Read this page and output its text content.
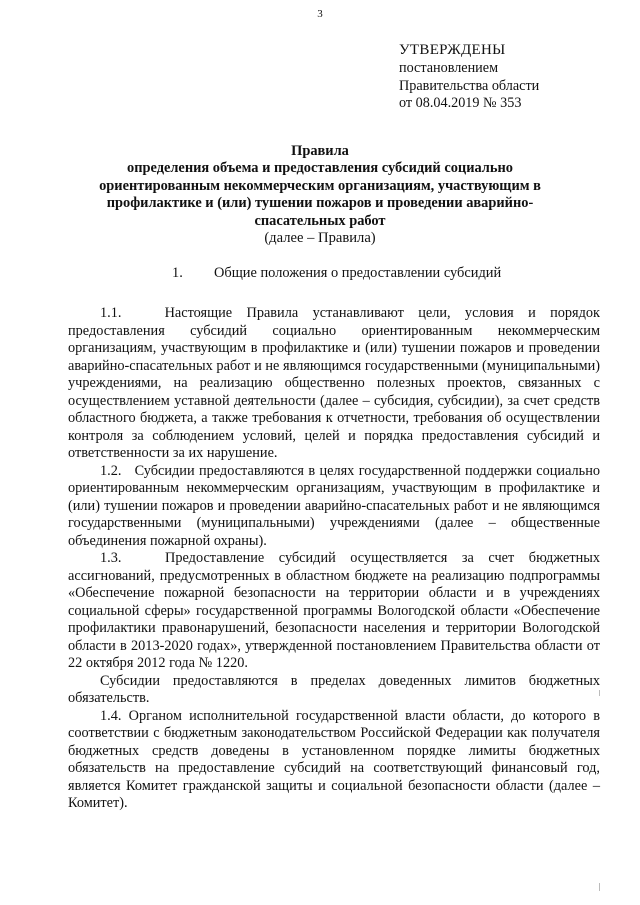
3
УТВЕРЖДЕНЫ
постановлением
Правительства области
от 08.04.2019 № 353
Правила
определения объема и предоставления субсидий социально ориентированным некоммерческим организациям, участвующим в профилактике и (или) тушении пожаров и проведении аварийно-спасательных работ
(далее – Правила)
1. Общие положения о предоставлении субсидий

1.1.   Настоящие Правила устанавливают цели, условия и порядок предоставления субсидий социально ориентированным некоммерческим организациям, участвующим в профилактике и (или) тушении пожаров и проведении аварийно-спасательных работ и не являющимся государственными (муниципальными) учреждениями, на реализацию общественно полезных проектов, связанных с осуществлением уставной деятельности (далее – субсидия, субсидии), за счет средств областного бюджета, а также требования к отчетности, требования об осуществлении контроля за соблюдением условий, целей и порядка предоставления субсидий и ответственности за их нарушение.

1.2.   Субсидии предоставляются в целях государственной поддержки социально ориентированным некоммерческим организациям, участвующим в профилактике и (или) тушении пожаров и проведении аварийно-спасательных работ и не являющимся государственными (муниципальными) учреждениями (далее – общественные объединения пожарной охраны).

1.3.   Предоставление субсидий осуществляется за счет бюджетных ассигнований, предусмотренных в областном бюджете на реализацию подпрограммы «Обеспечение пожарной безопасности на территории области и в учреждениях социальной сферы» государственной программы Вологодской области «Обеспечение профилактики правонарушений, безопасности населения и территории Вологодской области в 2013-2020 годах», утвержденной постановлением Правительства области от 22 октября 2012 года № 1220.

Субсидии предоставляются в пределах доведенных лимитов бюджетных обязательств.

1.4. Органом исполнительной государственной власти области, до которого в соответствии с бюджетным законодательством Российской Федерации как получателя бюджетных средств доведены в установленном порядке лимиты бюджетных обязательств на предоставление субсидий на соответствующий финансовый год, является Комитет гражданской защиты и социальной безопасности области (далее – Комитет).
